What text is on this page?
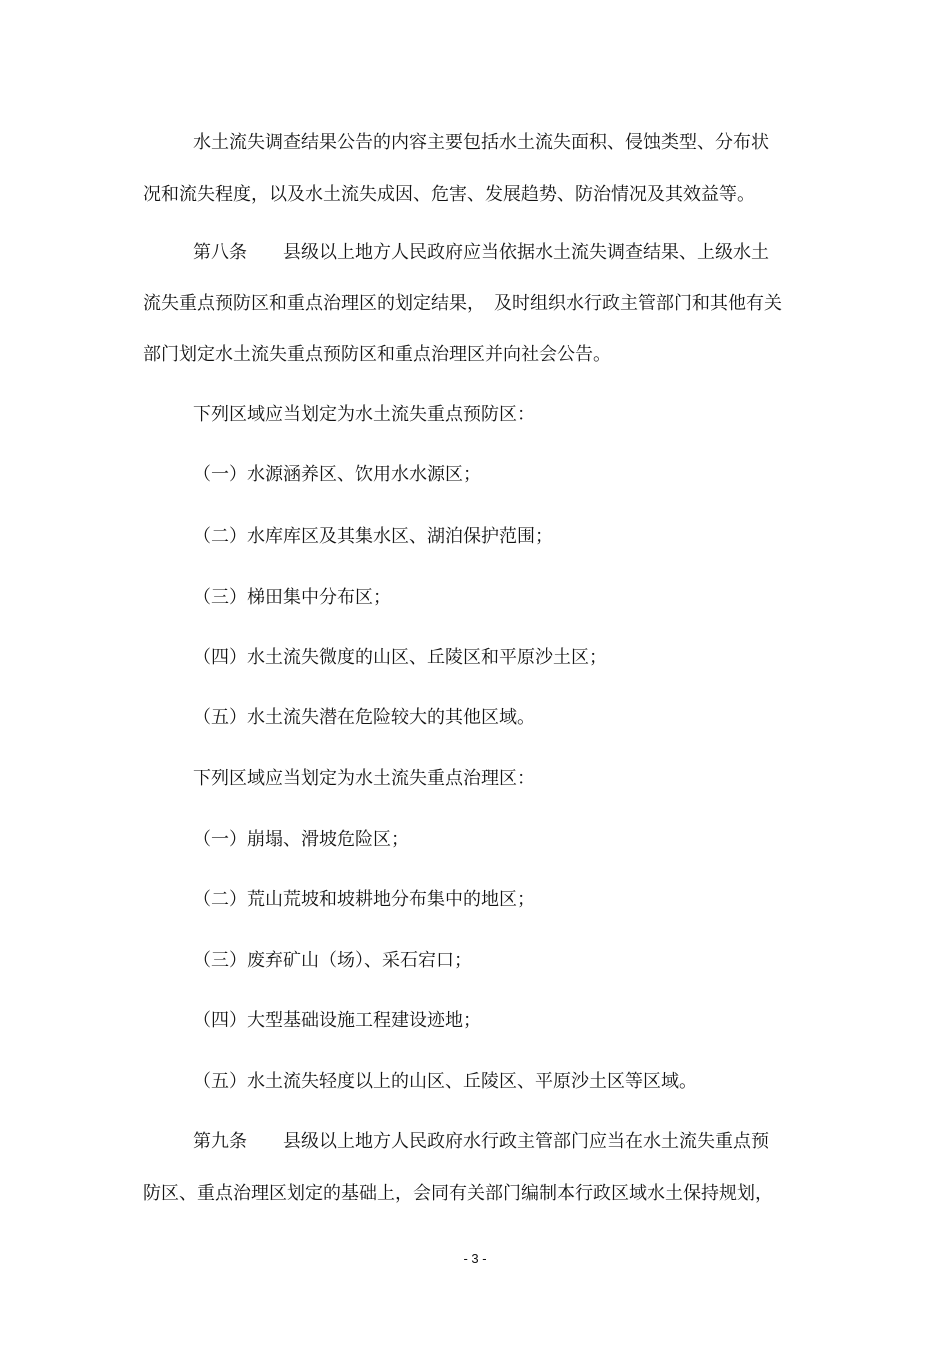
水土流失调查结果公告的内容主要包括水土流失面积、侵蚀类型、分布状
况和流失程度，以及水土流失成因、危害、发展趋势、防治情况及其效益等。
第八条　　县级以上地方人民政府应当依据水土流失调查结果、上级水土
流失重点预防区和重点治理区的划定结果，　及时组织水行政主管部门和其他有关
部门划定水土流失重点预防区和重点治理区并向社会公告。
下列区域应当划定为水土流失重点预防区：
（一）水源涵养区、饮用水水源区；
（二）水库库区及其集水区、湖泊保护范围；
（三）梯田集中分布区；
（四）水土流失微度的山区、丘陵区和平原沙土区；
（五）水土流失潜在危险较大的其他区域。
下列区域应当划定为水土流失重点治理区：
（一）崩塌、滑坡危险区；
（二）荒山荒坡和坡耕地分布集中的地区；
（三）废弃矿山（场）、采石宕口；
（四）大型基础设施工程建设迹地；
（五）水土流失轻度以上的山区、丘陵区、平原沙土区等区域。
第九条　　县级以上地方人民政府水行政主管部门应当在水土流失重点预
防区、重点治理区划定的基础上，会同有关部门编制本行政区域水土保持规划，
- 3 -
